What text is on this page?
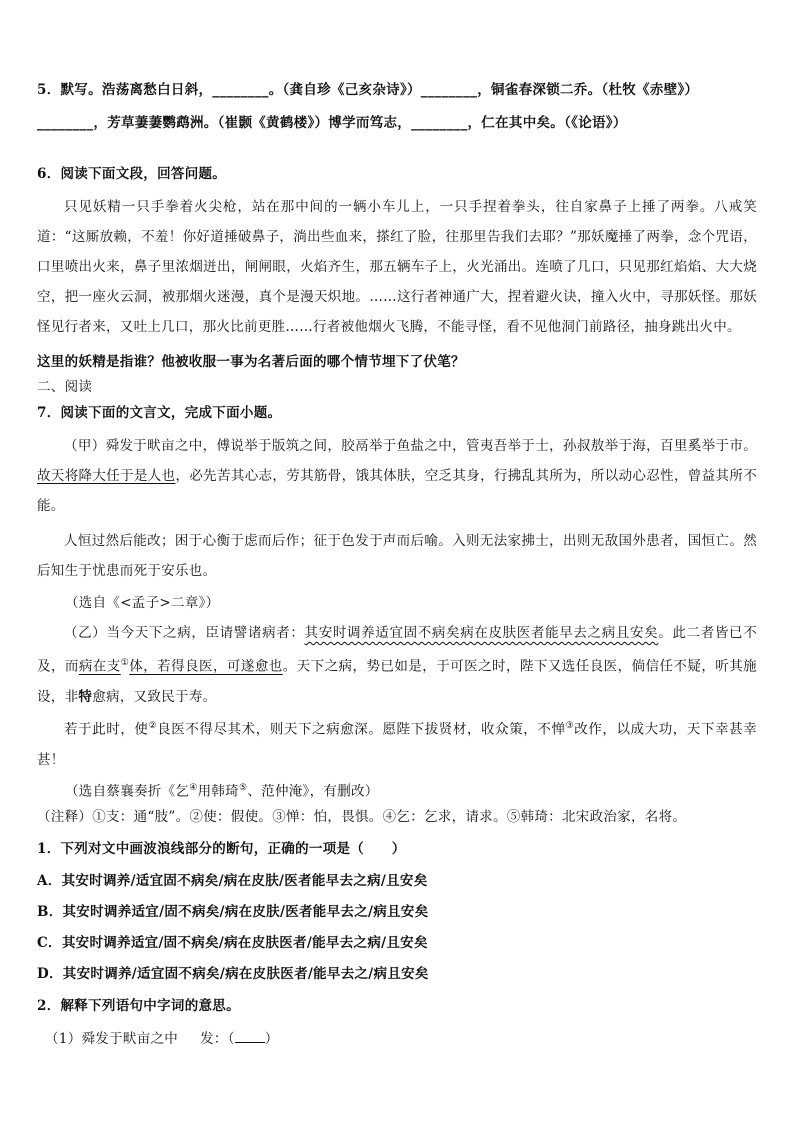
5．默写。浩荡离愁白日斜，________。（龚自珍《己亥杂诗》）________，铜雀春深锁二乔。（杜牧《赤壁》）
________，芳草萋萋鹦鹉洲。（崔颢《黄鹤楼》）博学而笃志，________，仁在其中矣。（《论语》）
6．阅读下面文段，回答问题。
只见妖精一只手拳着火尖枪，站在那中间的一辆小车儿上，一只手捏着拳头，往自家鼻子上捶了两拳。八戒笑道：“这厮放赖，不羞！你好道捶破鼻子，淌出些血来，搽红了脸，往那里告我们去耶？”那妖魔捶了两拳，念个咒语，口里喷出火来，鼻子里浓烟迸出，闸闸眼，火焰齐生，那五辆车子上，火光涌出。连喷了几口，只见那红焰焰、大大烧空，把一座火云洞，被那烟火迷漫，真个是漫天炽地。……这行者神通广大，捏着避火诀，撞入火中，寻那妖怪。那妖怪见行者来，又吐上几口，那火比前更胜……行者被他烟火飞腾，不能寻怪，看不见他洞门前路径，抽身跳出火中。
这里的妖精是指谁？他被收服一事为名著后面的哪个情节埋下了伏笔？
二、阅读
7．阅读下面的文言文，完成下面小题。
（甲）舜发于畎亩之中，傅说举于版筑之间，胶鬲举于鱼盐之中，管夷吾举于士，孙叔敖举于海，百里奚举于市。故天将降大任于是人也，必先苦其心志，劳其筋骨，饿其体肤，空乏其身，行拂乱其所为，所以动心忍性，曾益其所不能。
人恒过然后能改；困于心衡于虑而后作；征于色发于声而后喻。入则无法家拂士，出则无敌国外患者，国恒亡。然后知生于忧患而死于安乐也。
（选自《<孟子>二章》）
（乙）当今天下之病，臣请譬诸病者：其安时调养适宜固不病矣病在皮肤医者能早去之病且安矣。此二者皆已不及，而病在支①体，若得良医，可遂愈也。天下之病，势已如是，于可医之时，陛下又选任良医，倘信任不疑，听其施设，非特愈病，又致民于寿。
若于此时，使②良医不得尽其术，则天下之病愈深。愿陛下拔贤材，收众策，不惮③改作，以成大功，天下幸甚幸甚！
（选自蔡襄奏折《乞④用韩琦⑤、范仲淹》，有删改）
（注释）①支：通“肢”。②使：假使。③惮：怕，畏惧。④乞：乞求，请求。⑤韩琦：北宋政治家，名将。
1．下列对文中画波浪线部分的断句，正确的一项是（　　）
A．其安时调养/适宜固不病矣/病在皮肤/医者能早去之病/且安矣
B．其安时调养适宜/固不病矣/病在皮肤/医者能早去之/病且安矣
C．其安时调养适宜/固不病矣/病在皮肤医者/能早去之病/且安矣
D．其安时调养/适宜固不病矣/病在皮肤医者/能早去之/病且安矣
2．解释下列语句中字词的意思。
（1）舜发于畎亩之中 发：（ ）
